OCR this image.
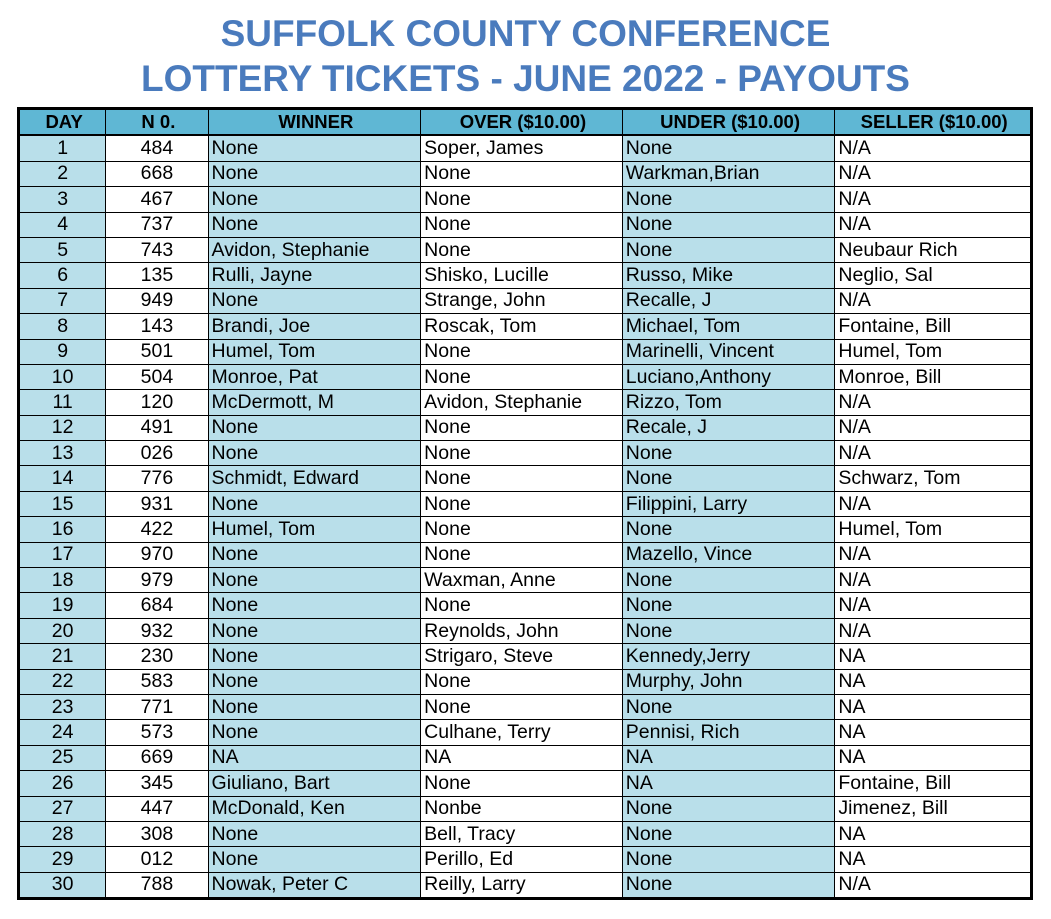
SUFFOLK COUNTY CONFERENCE
LOTTERY TICKETS - JUNE 2022 - PAYOUTS
DAY	N 0.	WINNER	OVER ($10.00)	UNDER ($10.00)	SELLER ($10.00)
1	484	None	Soper, James	None	N/A
2	668	None	None	Warkman,Brian	N/A
3	467	None	None	None	N/A
4	737	None	None	None	N/A
5	743	Avidon, Stephanie	None	None	Neubaur Rich
6	135	Rulli, Jayne	Shisko, Lucille	Russo, Mike	Neglio, Sal
7	949	None	Strange, John	Recalle, J	N/A
8	143	Brandi, Joe	Roscak, Tom	Michael, Tom	Fontaine, Bill
9	501	Humel, Tom	None	Marinelli, Vincent	Humel, Tom
10	504	Monroe, Pat	None	Luciano,Anthony	Monroe, Bill
11	120	McDermott, M	Avidon, Stephanie	Rizzo, Tom	N/A
12	491	None	None	Recale, J	N/A
13	026	None	None	None	N/A
14	776	Schmidt, Edward	None	None	Schwarz, Tom
15	931	None	None	Filippini, Larry	N/A
16	422	Humel, Tom	None	None	Humel, Tom
17	970	None	None	Mazello, Vince	N/A
18	979	None	Waxman, Anne	None	N/A
19	684	None	None	None	N/A
20	932	None	Reynolds, John	None	N/A
21	230	None	Strigaro, Steve	Kennedy,Jerry	NA
22	583	None	None	Murphy, John	NA
23	771	None	None	None	NA
24	573	None	Culhane, Terry	Pennisi, Rich	NA
25	669	NA	NA	NA	NA
26	345	Giuliano, Bart	None	NA	Fontaine, Bill
27	447	McDonald, Ken	Nonbe	None	Jimenez, Bill
28	308	None	Bell, Tracy	None	NA
29	012	None	Perillo, Ed	None	NA
30	788	Nowak, Peter C	Reilly, Larry	None	N/A
